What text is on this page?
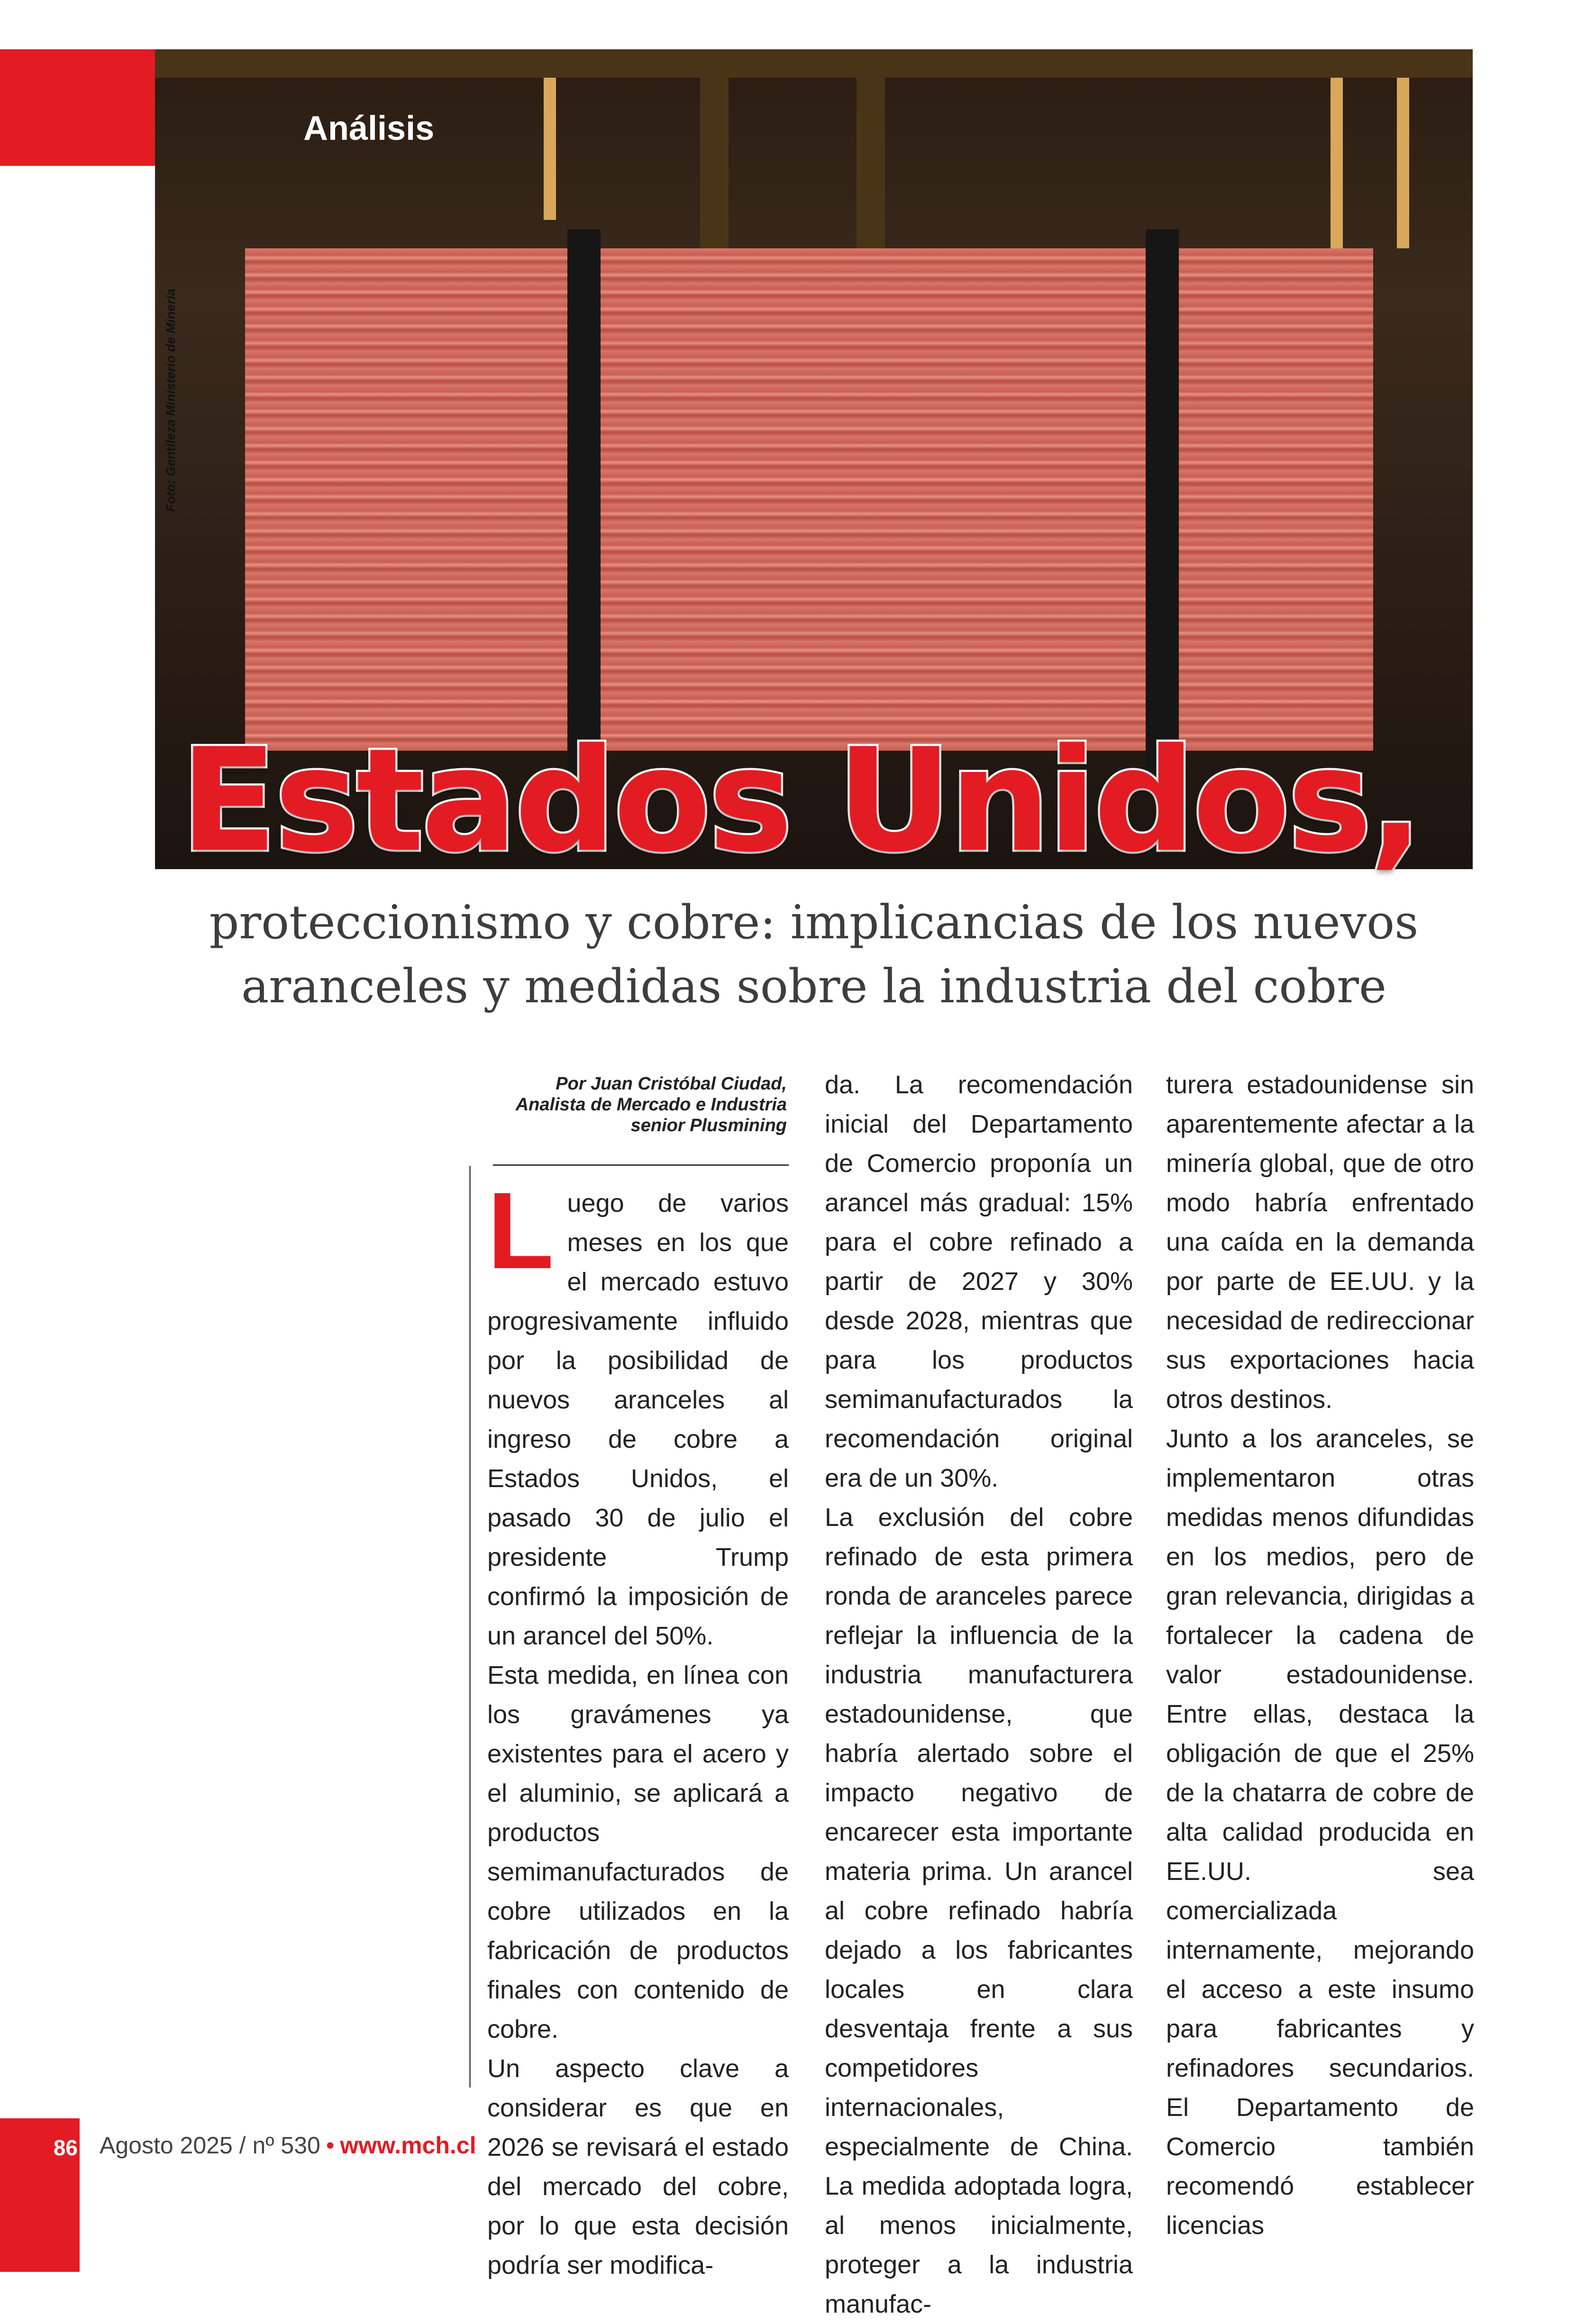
Análisis
Foto: Gentileza Ministerio de Minería
Estados Unidos,
proteccionismo y cobre: implicancias de los nuevos
aranceles y medidas sobre la industria del cobre
Por Juan Cristóbal Ciudad,
Analista de Mercado e Industria
senior Plusmining

Luego de varios meses en los que el mercado estuvo progresivamente influido por la posibilidad de nuevos aranceles al ingreso de cobre a Estados Unidos, el pasado 30 de julio el presidente Trump confirmó la imposición de un arancel del 50%.

Esta medida, en línea con los gravámenes ya existentes para el acero y el aluminio, se aplicará a productos semimanufacturados de cobre utilizados en la fabricación de productos finales con contenido de cobre.

Un aspecto clave a considerar es que en 2026 se revisará el estado del mercado del cobre, por lo que esta decisión podría ser modifica-

da. La recomendación inicial del Departamento de Comercio proponía un arancel más gradual: 15% para el cobre refinado a partir de 2027 y 30% desde 2028, mientras que para los productos semimanufacturados la recomendación original era de un 30%.

La exclusión del cobre refinado de esta primera ronda de aranceles parece reflejar la influencia de la industria manufacturera estadounidense, que habría alertado sobre el impacto negativo de encarecer esta importante materia prima. Un arancel al cobre refinado habría dejado a los fabricantes locales en clara desventaja frente a sus competidores internacionales, especialmente de China. La medida adoptada logra, al menos inicialmente, proteger a la industria manufac-

turera estadounidense sin aparentemente afectar a la minería global, que de otro modo habría enfrentado una caída en la demanda por parte de EE.UU. y la necesidad de redireccionar sus exportaciones hacia otros destinos.

Junto a los aranceles, se implementaron otras medidas menos difundidas en los medios, pero de gran relevancia, dirigidas a fortalecer la cadena de valor estadounidense. Entre ellas, destaca la obligación de que el 25% de la chatarra de cobre de alta calidad producida en EE.UU. sea comercializada internamente, mejorando el acceso a este insumo para fabricantes y refinadores secundarios. El Departamento de Comercio también recomendó establecer licencias

86 Agosto 2025 / nº 530 • www.mch.cl
